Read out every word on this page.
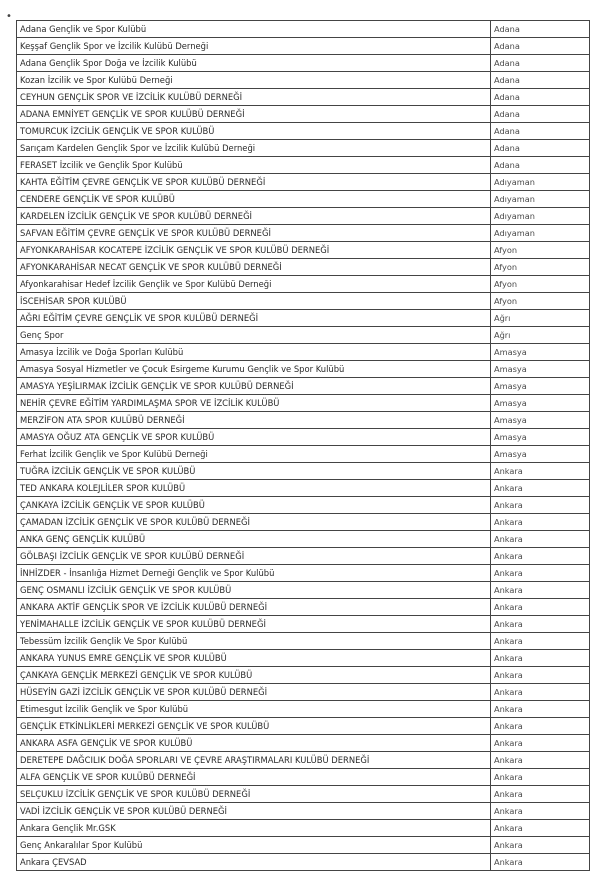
•
Adana Gençlik ve Spor Kulübü	Adana
Keşşaf Gençlik Spor ve İzcilik Kulübü Derneği	Adana
Adana Gençlik Spor Doğa ve İzcilik Kulübü	Adana
Kozan İzcilik ve Spor Kulübü Derneği	Adana
CEYHUN GENÇLİK SPOR VE İZCİLİK KULÜBÜ DERNEĞİ	Adana
ADANA EMNİYET GENÇLİK VE SPOR KULÜBÜ DERNEĞİ	Adana
TOMURCUK İZCİLİK GENÇLİK VE SPOR KULÜBÜ	Adana
Sarıçam Kardelen Gençlik Spor ve İzcilik Kulübü Derneği	Adana
FERASET İzcilik ve Gençlik Spor Kulübü	Adana
KAHTA EĞİTİM ÇEVRE GENÇLİK VE SPOR KULÜBÜ DERNEĞİ	Adıyaman
CENDERE GENÇLİK VE SPOR KULÜBÜ	Adıyaman
KARDELEN İZCİLİK GENÇLİK VE SPOR KULÜBÜ DERNEĞİ	Adıyaman
SAFVAN EĞİTİM ÇEVRE GENÇLİK VE SPOR KULÜBÜ DERNEĞİ	Adıyaman
AFYONKARAHİSAR KOCATEPE İZCİLİK GENÇLİK VE SPOR KULÜBÜ DERNEĞİ	Afyon
AFYONKARAHİSAR NECAT GENÇLİK VE SPOR KULÜBÜ DERNEĞİ	Afyon
Afyonkarahisar Hedef İzcilik Gençlik ve Spor Kulübü Derneği	Afyon
İSCEHİSAR SPOR KULÜBÜ	Afyon
AĞRI EĞİTİM ÇEVRE GENÇLİK VE SPOR KULÜBÜ DERNEĞİ	Ağrı
Genç Spor	Ağrı
Amasya İzcilik ve Doğa Sporları Kulübü	Amasya
Amasya Sosyal Hizmetler ve Çocuk Esirgeme Kurumu Gençlik ve Spor Kulübü	Amasya
AMASYA YEŞİLIRMAK İZCİLİK GENÇLİK VE SPOR KULÜBÜ DERNEĞİ	Amasya
NEHİR ÇEVRE EĞİTİM YARDIMLAŞMA SPOR VE İZCİLİK KULÜBÜ	Amasya
MERZİFON ATA SPOR KULÜBÜ DERNEĞİ	Amasya
AMASYA OĞUZ ATA GENÇLİK VE SPOR KULÜBÜ	Amasya
Ferhat İzcilik Gençlik ve Spor Kulübü Derneği	Amasya
TUĞRA İZCİLİK GENÇLİK VE SPOR KULÜBÜ	Ankara
TED ANKARA KOLEJLİLER SPOR KULÜBÜ	Ankara
ÇANKAYA İZCİLİK GENÇLİK VE SPOR KULÜBÜ	Ankara
ÇAMADAN İZCİLİK GENÇLİK VE SPOR KULÜBÜ DERNEĞİ	Ankara
ANKA GENÇ GENÇLİK KULÜBÜ	Ankara
GÖLBAŞI İZCİLİK GENÇLİK VE SPOR KULÜBÜ DERNEĞİ	Ankara
İNHİZDER - İnsanlığa Hizmet Derneği Gençlik ve Spor Kulübü	Ankara
GENÇ OSMANLI İZCİLİK GENÇLİK VE SPOR KULÜBÜ	Ankara
ANKARA AKTİF GENÇLİK SPOR VE İZCİLİK KULÜBÜ DERNEĞİ	Ankara
YENİMAHALLE İZCİLİK GENÇLİK VE SPOR KULÜBÜ DERNEĞİ	Ankara
Tebessüm İzcilik Gençlik Ve Spor Kulübü	Ankara
ANKARA YUNUS EMRE GENÇLİK VE SPOR KULÜBÜ	Ankara
ÇANKAYA GENÇLİK MERKEZİ GENÇLİK VE SPOR KULÜBÜ	Ankara
HÜSEYİN GAZİ İZCİLİK GENÇLİK VE SPOR KULÜBÜ DERNEĞİ	Ankara
Etimesgut İzcilik Gençlik ve Spor Kulübü	Ankara
GENÇLİK ETKİNLİKLERİ MERKEZİ GENÇLİK VE SPOR KULÜBÜ	Ankara
ANKARA ASFA GENÇLİK VE SPOR KULÜBÜ	Ankara
DERETEPE DAĞCILIK DOĞA SPORLARI VE ÇEVRE ARAŞTIRMALARI KULÜBÜ DERNEĞİ	Ankara
ALFA GENÇLİK VE SPOR KULÜBÜ DERNEĞİ	Ankara
SELÇUKLU İZCİLİK GENÇLİK VE SPOR KULÜBÜ DERNEĞİ	Ankara
VADİ İZCİLİK GENÇLİK VE SPOR KULÜBÜ DERNEĞİ	Ankara
Ankara Gençlik Mr.GSK	Ankara
Genç Ankaralılar Spor Kulübü	Ankara
Ankara ÇEVSAD	Ankara
